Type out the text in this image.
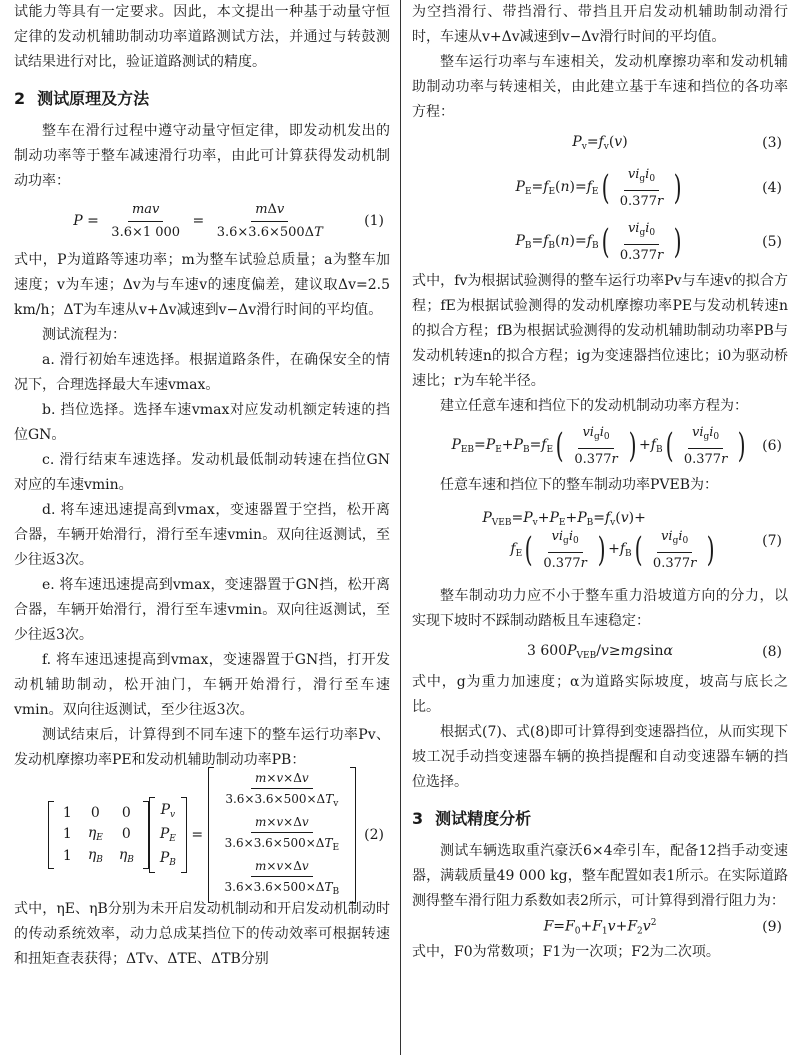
试能力等具有一定要求。因此，本文提出一种基于动量守恒定律的发动机辅助制动功率道路测试方法，并通过与转鼓测试结果进行对比，验证道路测试的精度。

2 测试原理及方法

整车在滑行过程中遵守动量守恒定律，即发动机发出的制动功率等于整车减速滑行功率，由此可计算获得发动机制动功率：

$P = \frac{\text{mav}}{3.6\times 1 000} = \frac{\text{mΔv}}{3.6\times 3.6\times 500\Delta T}$	(1)

式中，P为道路等速功率；m为整车试验总质量；a为整车加速度；v为车速；Δv为与车速v的速度偏差，建议取Δv=2.5 km/h；ΔT为车速从v+Δv减速到v−Δv滑行时间的平均值。

测试流程为：

a. 滑行初始车速选择。根据道路条件，在确保安全的情况下，合理选择最大车速vmax。

b. 挡位选择。选择车速vmax对应发动机额定转速的挡位GN。

c. 滑行结束车速选择。发动机最低制动转速在挡位GN对应的车速vmin。

d. 将车速迅速提高到vmax，变速器置于空挡，松开离合器，车辆开始滑行，滑行至车速vmin。双向往返测试，至少往返3次。

e. 将车速迅速提高到vmax，变速器置于GN挡，松开离合器，车辆开始滑行，滑行至车速vmin。双向往返测试，至少往返3次。

f. 将车速迅速提高到vmax，变速器置于GN挡，打开发动机辅助制动，松开油门，车辆开始滑行，滑行至车速vmin。双向往返测试，至少往返3次。

测试结束后，计算得到不同车速下的整车运行功率Pv、发动机摩擦功率PE和发动机辅助制动功率PB：

1	0	0
1	$\eta_E$	0
1	$\eta_B$	$\eta_B$
$P_v$
$P_E$
$P_B$
=
$\frac{m\times v\times\Delta v}{3.6\times 3.6\times 500\times\Delta T_v}$

$\frac{m\times v\times\Delta v}{3.6\times 3.6\times 500\times\Delta T_E}$

$\frac{m\times v\times\Delta v}{3.6\times 3.6\times 500\times\Delta T_B}$
(2)

式中，ηE、ηB分别为未开启发动机制动和开启发动机制动时的传动系统效率，动力总成某挡位下的传动效率可根据转速和扭矩查表获得；ΔTv、ΔTE、ΔTB分别

为空挡滑行、带挡滑行、带挡且开启发动机辅助制动滑行时，车速从v+Δv减速到v−Δv滑行时间的平均值。

整车运行功率与车速相关，发动机摩擦功率和发动机辅助制动功率与转速相关，由此建立基于车速和挡位的各功率方程：

$P_v=f_v(v)$	(3)
$P_E=f_E(n)=f_E$ ( $\frac{vi_gi_0}{0.377r}$ )	(4)
$P_B=f_B(n)=f_B$ ( $\frac{vi_gi_0}{0.377r}$ )	(5)

式中，fv为根据试验测得的整车运行功率Pv与车速v的拟合方程；fE为根据试验测得的发动机摩擦功率PE与发动机转速n的拟合方程；fB为根据试验测得的发动机辅助制动功率PB与发动机转速n的拟合方程；ig为变速器挡位速比；i0为驱动桥速比；r为车轮半径。

建立任意车速和挡位下的发动机制动功率方程为：

$P_{EB}=P_E+P_B=f_E$ ( $\frac{vi_gi_0}{0.377r}$ ) $+f_B$ ( $\frac{vi_gi_0}{0.377r}$ ) (6)

任意车速和挡位下的整车制动功率PVEB为：

$P_{VEB}=P_v+P_E+P_B=f_v(v)+$
$f_E$ ( $\frac{vi_gi_0}{0.377r}$ ) $+f_B$ ( $\frac{vi_gi_0}{0.377r}$ )	(7)

整车制动功力应不小于整车重力沿坡道方向的分力，以实现下坡时不踩制动踏板且车速稳定：

3 $600P_{VEB}/v\ge mgsin\alpha$	(8)

式中，g为重力加速度；α为道路实际坡度，坡高与底长之比。

根据式(7)、式(8)即可计算得到变速器挡位，从而实现下坡工况手动挡变速器车辆的换挡提醒和自动变速器车辆的挡位选择。

3 测试精度分析

测试车辆选取重汽豪沃6×4牵引车，配备12挡手动变速器，满载质量49 000 kg，整车配置如表1所示。在实际道路测得整车滑行阻力系数如表2所示，可计算得到滑行阻力为：

$F=F_0+F_1v+F_2v^2$	(9)

式中，F0为常数项；F1为一次项；F2为二次项。
